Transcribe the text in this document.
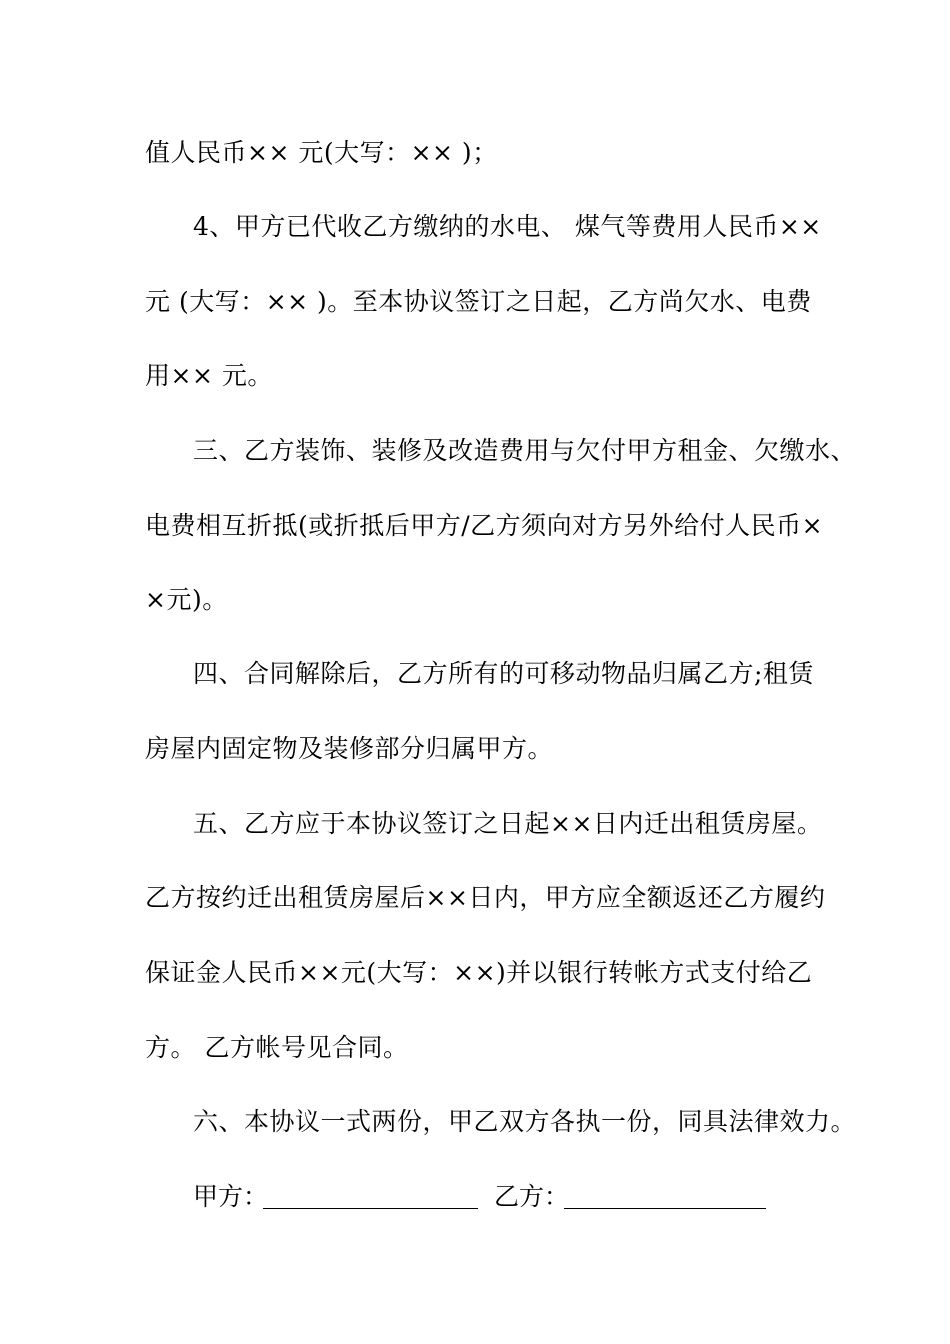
值人民币×× 元(大写：×× )；
4、甲方已代收乙方缴纳的水电、 煤气等费用人民币××
元 (大写：×× )。至本协议签订之日起，乙方尚欠水、电费
用×× 元。
三、乙方装饰、装修及改造费用与欠付甲方租金、欠缴水、
电费相互折抵(或折抵后甲方/乙方须向对方另外给付人民币×
×元)。
四、合同解除后，乙方所有的可移动物品归属乙方;租赁
房屋内固定物及装修部分归属甲方。
五、乙方应于本协议签订之日起××日内迁出租赁房屋。
乙方按约迁出租赁房屋后××日内，甲方应全额返还乙方履约
保证金人民币××元(大写：××)并以银行转帐方式支付给乙
方。 乙方帐号见合同。
六、本协议一式两份，甲乙双方各执一份，同具法律效力。
甲方：	乙方：
